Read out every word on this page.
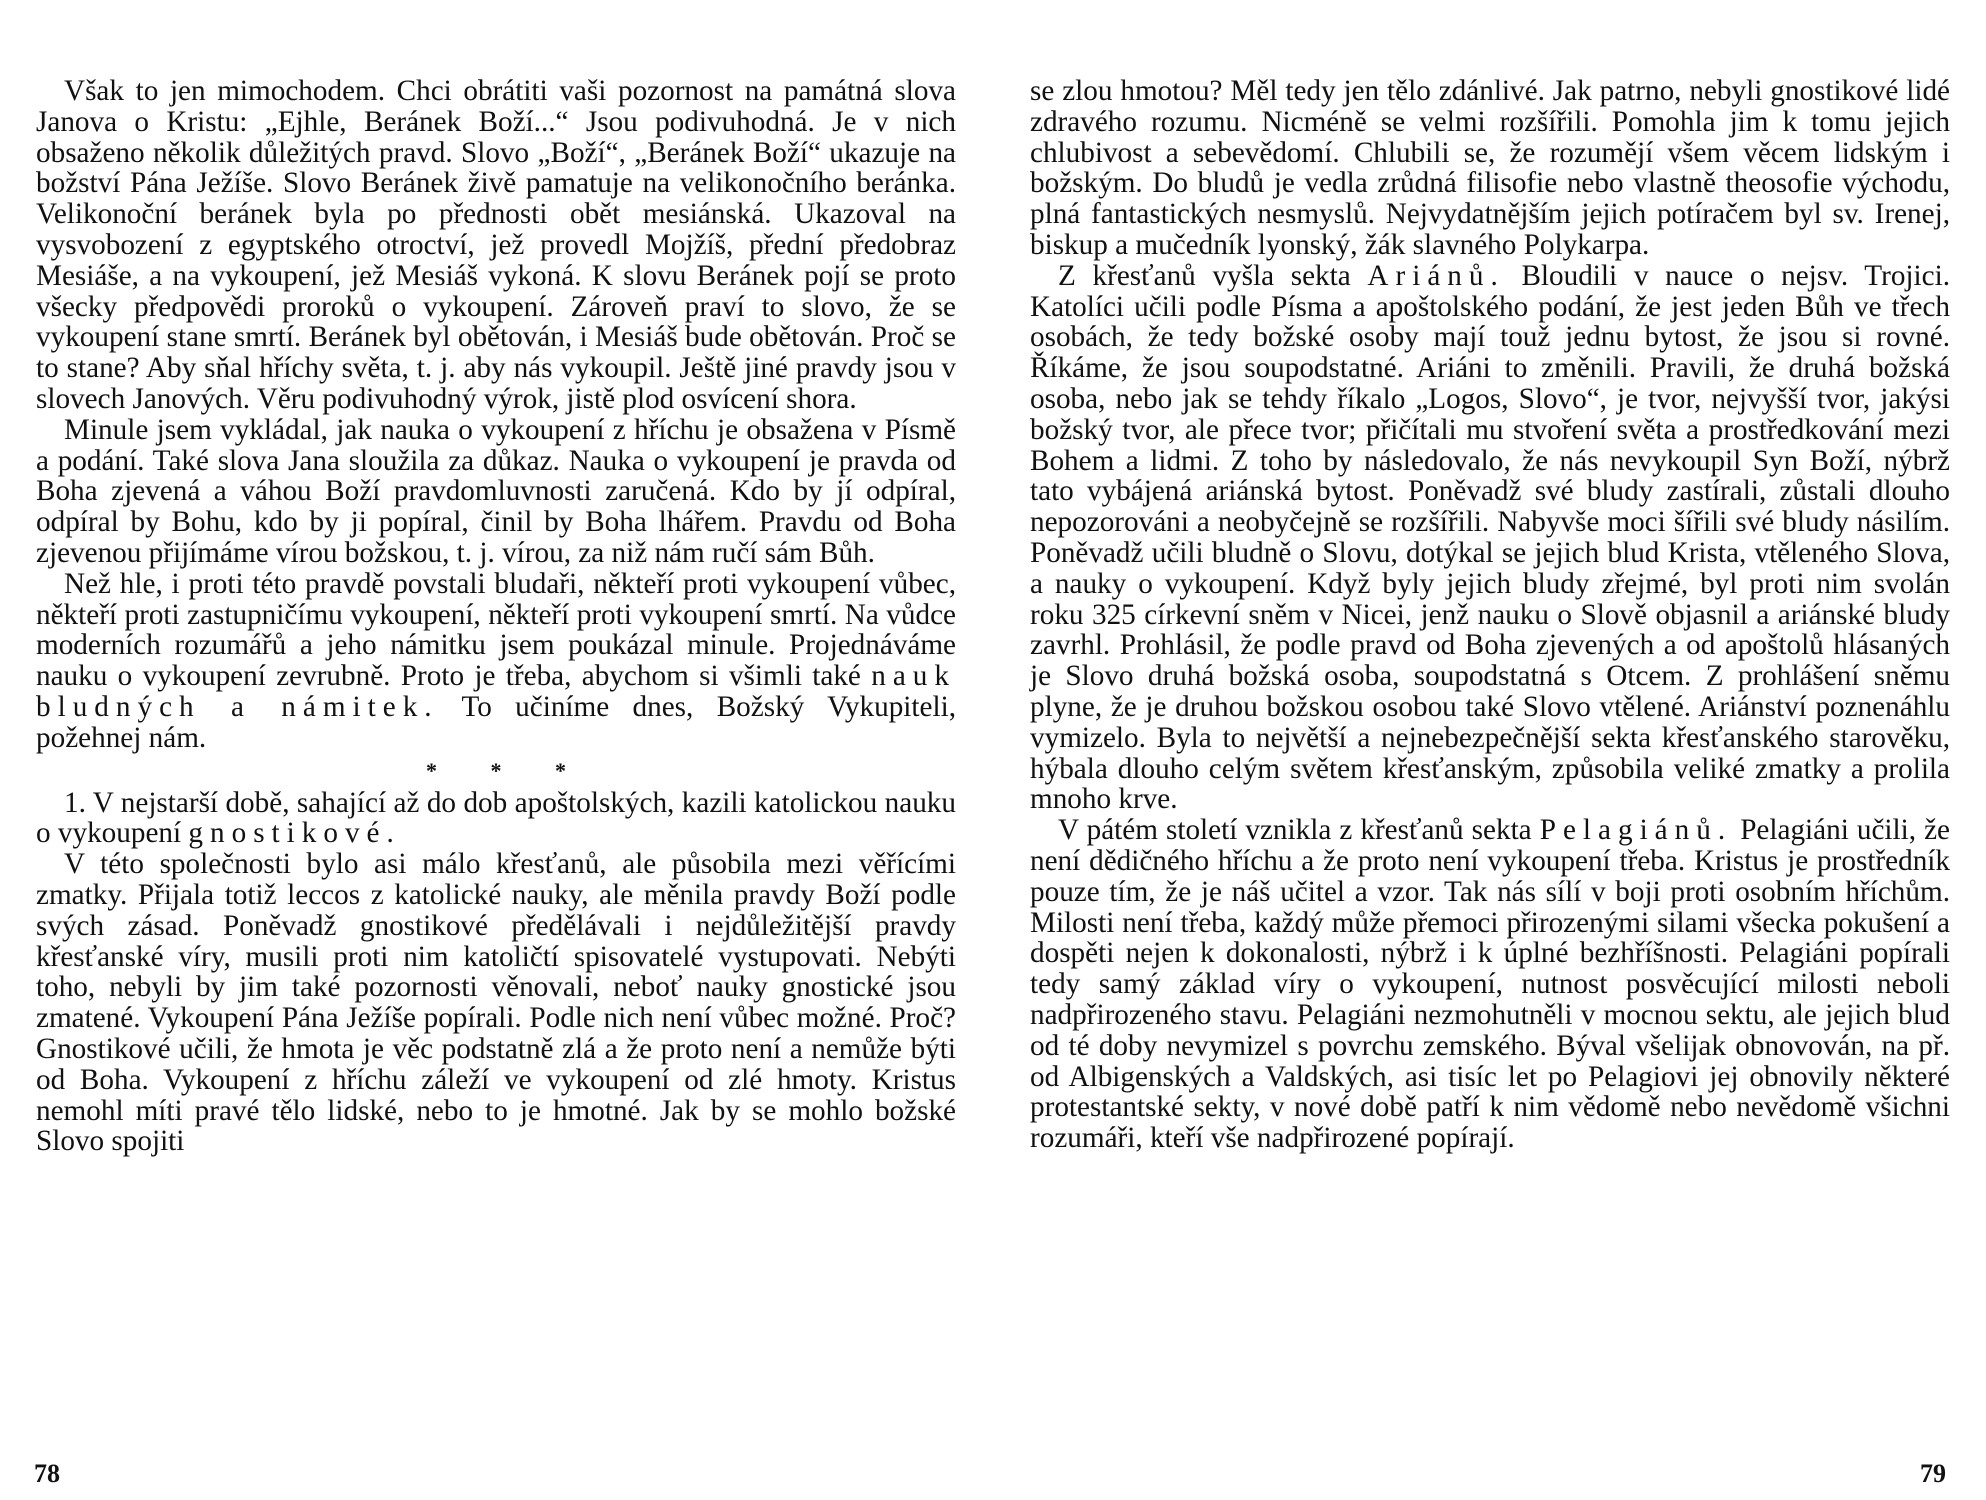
Však to jen mimochodem. Chci obrátiti vaši pozornost na památná slova Janova o Kristu: „Ejhle, Beránek Boží...“ Jsou podivuhodná. Je v nich obsaženo několik důležitých pravd. Slovo „Boží“, „Beránek Boží“ ukazuje na božství Pána Ježíše. Slovo Beránek živě pamatuje na velikonočního beránka. Velikonoční beránek byla po přednosti obět mesiánská. Ukazoval na vysvobození z egyptského otroctví, jež provedl Mojžíš, přední předobraz Mesiáše, a na vykoupení, jež Mesiáš vykoná. K slovu Beránek pojí se proto všecky předpovědi proroků o vykoupení. Zároveň praví to slovo, že se vykoupení stane smrtí. Beránek byl obětován, i Mesiáš bude obětován. Proč se to stane? Aby sňal hříchy světa, t. j. aby nás vykoupil. Ještě jiné pravdy jsou v slovech Janových. Věru podivuhodný výrok, jistě plod osvícení shora.

Minule jsem vykládal, jak nauka o vykoupení z hříchu je obsažena v Písmě a podání. Také slova Jana sloužila za důkaz. Nauka o vykoupení je pravda od Boha zjevená a váhou Boží pravdomluvnosti zaručená. Kdo by jí odpíral, odpíral by Bohu, kdo by ji popíral, činil by Boha lhářem. Pravdu od Boha zjevenou přijímáme vírou božskou, t. j. vírou, za niž nám ručí sám Bůh.

Než hle, i proti této pravdě povstali bludaři, někteří proti vykoupení vůbec, někteří proti zastupničímu vykoupení, někteří proti vykoupení smrtí. Na vůdce moderních rozumářů a jeho námitku jsem poukázal minule. Projednáváme nauku o vykoupení zevrubně. Proto je třeba, abychom si všimli také nauk bludných a námitek. To učiníme dnes, Božský Vykupiteli, požehnej nám.

* * *

1. V nejstarší době, sahající až do dob apoštolských, kazili katolickou nauku o vykoupení gnostikové.

V této společnosti bylo asi málo křesťanů, ale působila mezi věřícími zmatky. Přijala totiž leccos z katolické nauky, ale měnila pravdy Boží podle svých zásad. Poněvadž gnostikové předělávali i nejdůležitější pravdy křesťanské víry, musili proti nim katoličtí spisovatelé vystupovati. Nebýti toho, nebyli by jim také pozornosti věnovali, neboť nauky gnostické jsou zmatené. Vykoupení Pána Ježíše popírali. Podle nich není vůbec možné. Proč? Gnostikové učili, že hmota je věc podstatně zlá a že proto není a nemůže býti od Boha. Vykoupení z hříchu záleží ve vykoupení od zlé hmoty. Kristus nemohl míti pravé tělo lidské, nebo to je hmotné. Jak by se mohlo božské Slovo spojiti

78

se zlou hmotou? Měl tedy jen tělo zdánlivé. Jak patrno, nebyli gnostikové lidé zdravého rozumu. Nicméně se velmi rozšířili. Pomohla jim k tomu jejich chlubivost a sebevědomí. Chlubili se, že rozumějí všem věcem lidským i božským. Do bludů je vedla zrůdná filisofie nebo vlastně theosofie východu, plná fantastických nesmyslů. Nejvydatnějším jejich potíračem byl sv. Irenej, biskup a mučedník lyonský, žák slavného Polykarpa.

Z křesťanů vyšla sekta Ariánů. Bloudili v nauce o nejsv. Trojici. Katolíci učili podle Písma a apoštolského podání, že jest jeden Bůh ve třech osobách, že tedy božské osoby mají touž jednu bytost, že jsou si rovné. Říkáme, že jsou soupodstatné. Ariáni to změnili. Pravili, že druhá božská osoba, nebo jak se tehdy říkalo „Logos, Slovo“, je tvor, nejvyšší tvor, jakýsi božský tvor, ale přece tvor; přičítali mu stvoření světa a prostředkování mezi Bohem a lidmi. Z toho by následovalo, že nás nevykoupil Syn Boží, nýbrž tato vybájená ariánská bytost. Poněvadž své bludy zastírali, zůstali dlouho nepozorováni a neobyčejně se rozšířili. Nabyvše moci šířili své bludy násilím. Poněvadž učili bludně o Slovu, dotýkal se jejich blud Krista, vtěleného Slova, a nauky o vykoupení. Když byly jejich bludy zřejmé, byl proti nim svolán roku 325 církevní sněm v Nicei, jenž nauku o Slově objasnil a ariánské bludy zavrhl. Prohlásil, že podle pravd od Boha zjevených a od apoštolů hlásaných je Slovo druhá božská osoba, soupodstatná s Otcem. Z prohlášení sněmu plyne, že je druhou božskou osobou také Slovo vtělené. Ariánství poznenáhlu vymizelo. Byla to největší a nejnebezpečnější sekta křesťanského starověku, hýbala dlouho celým světem křesťanským, způsobila veliké zmatky a prolila mnoho krve.

V pátém století vznikla z křesťanů sekta Pelagiánů. Pelagiáni učili, že není dědičného hříchu a že proto není vykoupení třeba. Kristus je prostředník pouze tím, že je náš učitel a vzor. Tak nás sílí v boji proti osobním hříchům. Milosti není třeba, každý může přemoci přirozenými silami všecka pokušení a dospěti nejen k dokonalosti, nýbrž i k úplné bezhříšnosti. Pelagiáni popírali tedy samý základ víry o vykoupení, nutnost posvěcující milosti neboli nadpřirozeného stavu. Pelagiáni nezmohutněli v mocnou sektu, ale jejich blud od té doby nevymizel s povrchu zemského. Býval všelijak obnovován, na př. od Albigenských a Valdských, asi tisíc let po Pelagiovi jej obnovily některé protestantské sekty, v nové době patří k nim vědomě nebo nevědomě všichni rozumáři, kteří vše nadpřirozené popírají.

79
